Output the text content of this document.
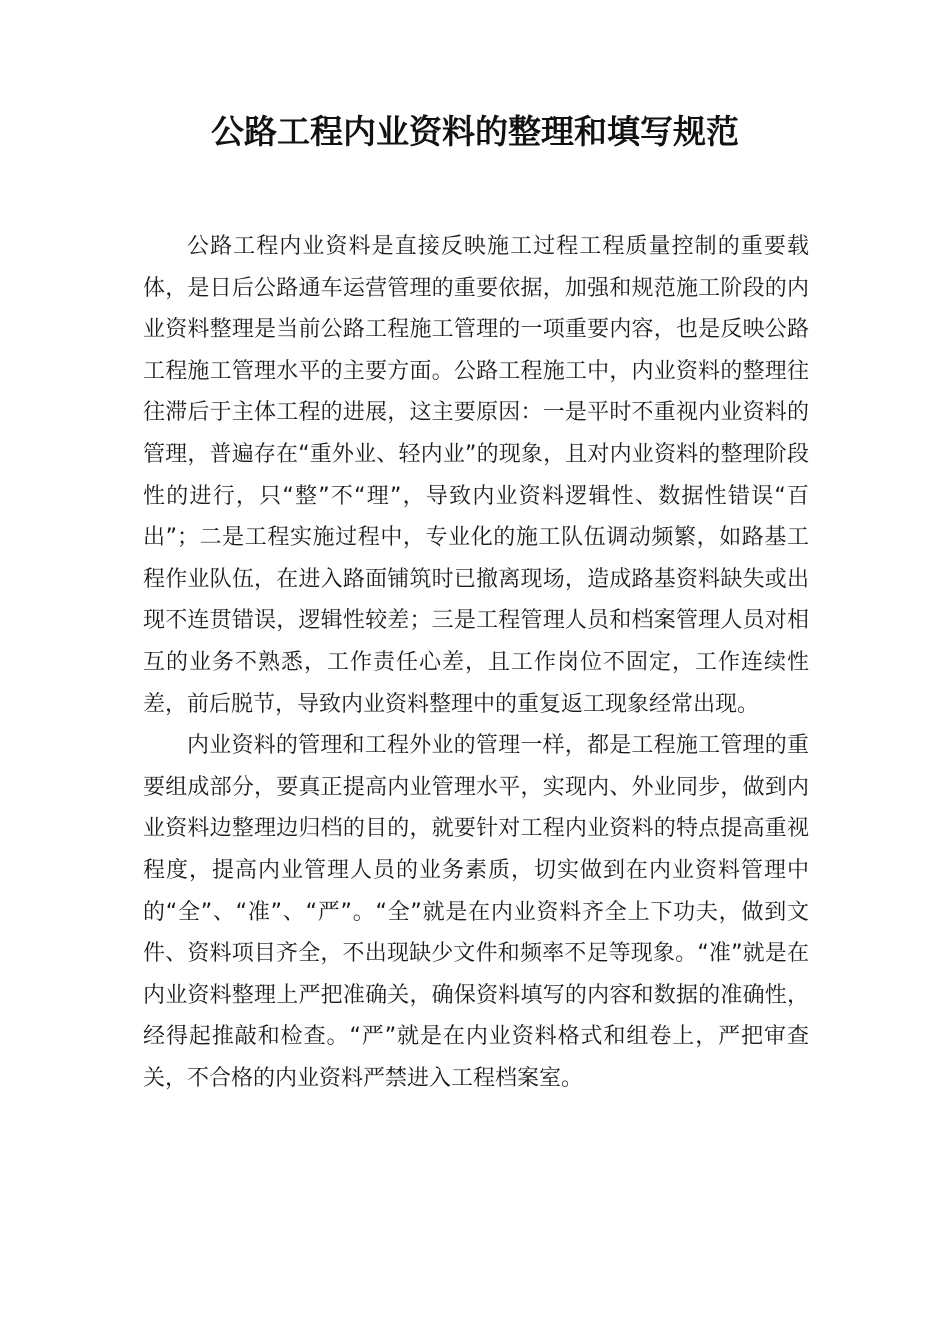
公路工程内业资料的整理和填写规范

公路工程内业资料是直接反映施工过程工程质量控制的重要载体，是日后公路通车运营管理的重要依据，加强和规范施工阶段的内业资料整理是当前公路工程施工管理的一项重要内容，也是反映公路工程施工管理水平的主要方面。公路工程施工中，内业资料的整理往往滞后于主体工程的进展，这主要原因：一是平时不重视内业资料的管理，普遍存在“重外业、轻内业”的现象，且对内业资料的整理阶段性的进行，只“整”不“理”，导致内业资料逻辑性、数据性错误“百出”；二是工程实施过程中，专业化的施工队伍调动频繁，如路基工程作业队伍，在进入路面铺筑时已撤离现场，造成路基资料缺失或出现不连贯错误，逻辑性较差；三是工程管理人员和档案管理人员对相互的业务不熟悉，工作责任心差，且工作岗位不固定，工作连续性差，前后脱节，导致内业资料整理中的重复返工现象经常出现。

内业资料的管理和工程外业的管理一样，都是工程施工管理的重要组成部分，要真正提高内业管理水平，实现内、外业同步，做到内业资料边整理边归档的目的，就要针对工程内业资料的特点提高重视程度，提高内业管理人员的业务素质，切实做到在内业资料管理中的“全”、“准”、“严”。“全”就是在内业资料齐全上下功夫，做到文件、资料项目齐全，不出现缺少文件和频率不足等现象。“准”就是在内业资料整理上严把准确关，确保资料填写的内容和数据的准确性，经得起推敲和检查。“严”就是在内业资料格式和组卷上，严把审查关，不合格的内业资料严禁进入工程档案室。
